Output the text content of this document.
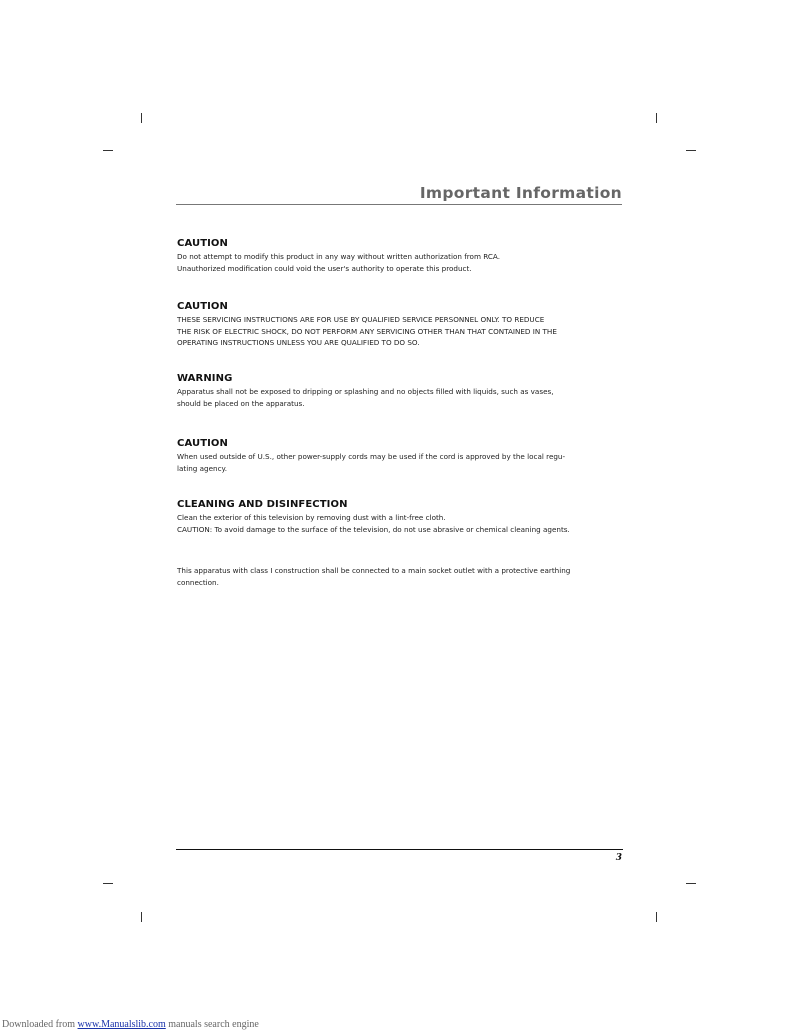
Important Information
CAUTION

Do not attempt to modify this product in any way without written authorization from RCA.

Unauthorized modification could void the user's authority to operate this product.

CAUTION

THESE SERVICING INSTRUCTIONS ARE FOR USE BY QUALIFIED SERVICE PERSONNEL ONLY. TO REDUCE

THE RISK OF ELECTRIC SHOCK, DO NOT PERFORM ANY SERVICING OTHER THAN THAT CONTAINED IN THE

OPERATING INSTRUCTIONS UNLESS YOU ARE QUALIFIED TO DO SO.

WARNING

Apparatus shall not be exposed to dripping or splashing and no objects filled with liquids, such as vases,

should be placed on the apparatus.

CAUTION

When used outside of U.S., other power-supply cords may be used if the cord is approved by the local regu-

lating agency.

CLEANING AND DISINFECTION

Clean the exterior of this television by removing dust with a lint-free cloth.

CAUTION: To avoid damage to the surface of the television, do not use abrasive or chemical cleaning agents.

This apparatus with class I construction shall be connected to a main socket outlet with a protective earthing

connection.

3
Downloaded from www.Manualslib.com manuals search engine
